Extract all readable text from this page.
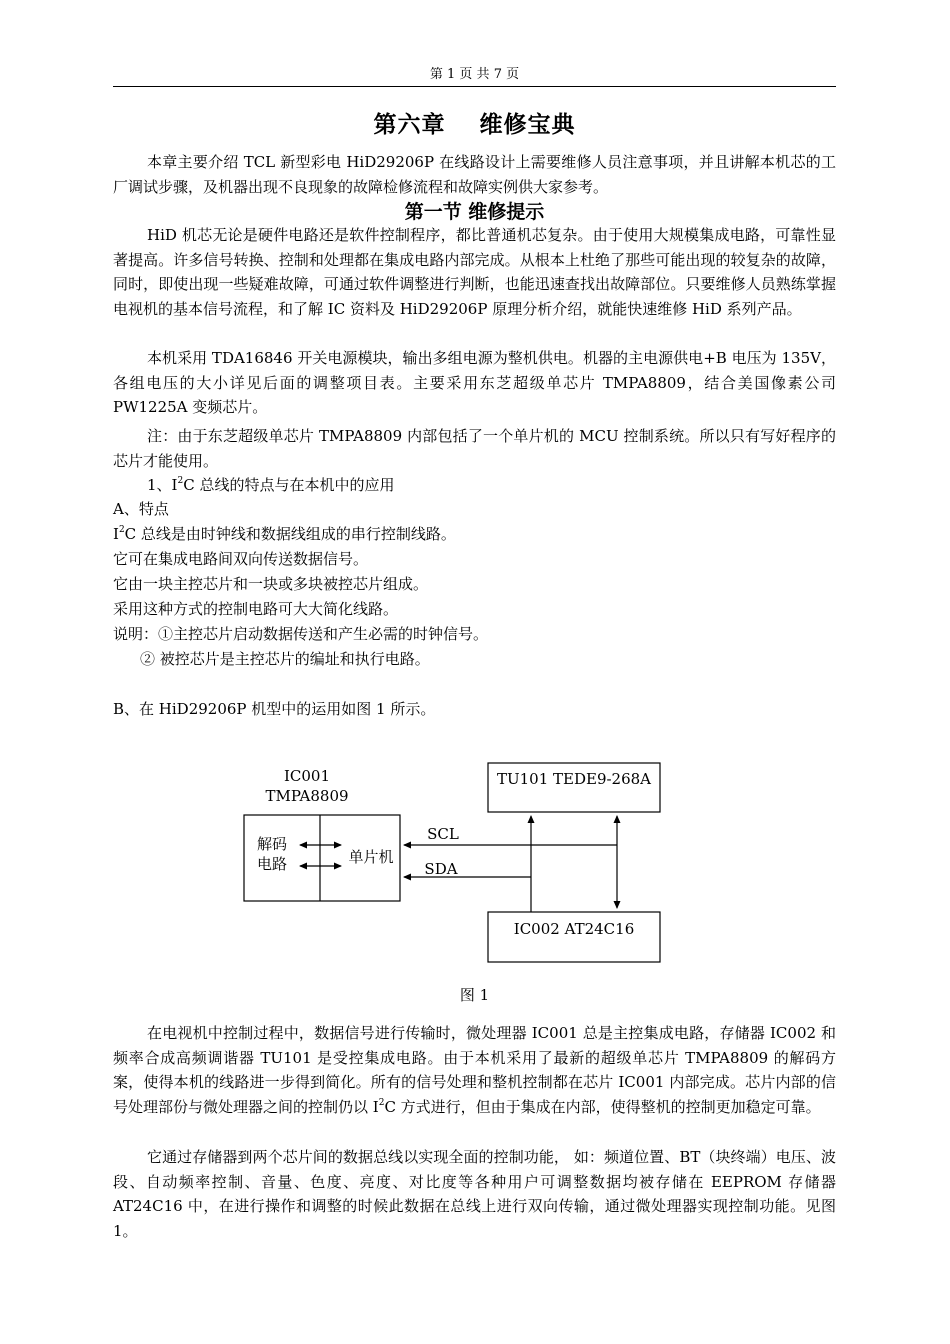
第 1 页 共 7 页
第六章 维修宝典

本章主要介绍 TCL 新型彩电 HiD29206P 在线路设计上需要维修人员注意事项，并且讲解本机芯的工厂调试步骤，及机器出现不良现象的故障检修流程和故障实例供大家参考。

第一节 维修提示

HiD 机芯无论是硬件电路还是软件控制程序，都比普通机芯复杂。由于使用大规模集成电路，可靠性显著提高。许多信号转换、控制和处理都在集成电路内部完成。从根本上杜绝了那些可能出现的较复杂的故障，同时，即使出现一些疑难故障，可通过软件调整进行判断，也能迅速查找出故障部位。只要维修人员熟练掌握电视机的基本信号流程，和了解 IC 资料及 HiD29206P 原理分析介绍，就能快速维修 HiD 系列产品。

本机采用 TDA16846 开关电源模块，输出多组电源为整机供电。机器的主电源供电+B 电压为 135V，各组电压的大小详见后面的调整项目表。主要采用东芝超级单芯片 TMPA8809，结合美国像素公司 PW1225A 变频芯片。

注：由于东芝超级单芯片 TMPA8809 内部包括了一个单片机的 MCU 控制系统。所以只有写好程序的芯片才能使用。

1、$I^2C$ 总线的特点与在本机中的应用

A、特点

$I^2C$ 总线是由时钟线和数据线组成的串行控制线路。

它可在集成电路间双向传送数据信号。

它由一块主控芯片和一块或多块被控芯片组成。

采用这种方式的控制电路可大大简化线路。

说明：①主控芯片启动数据传送和产生必需的时钟信号。

② 被控芯片是主控芯片的编址和执行电路。

B、在 HiD29206P 机型中的运用如图 1 所示。

IC001
TMPA8809
解码
电路	单片机
TU101 TEDE9-268A
IC002 AT24C16
SCL
SDA
图 1

在电视机中控制过程中，数据信号进行传输时，微处理器 IC001 总是主控集成电路，存储器 IC002 和频率合成高频调谐器 TU101 是受控集成电路。由于本机采用了最新的超级单芯片 TMPA8809 的解码方案，使得本机的线路进一步得到简化。所有的信号处理和整机控制都在芯片 IC001 内部完成。芯片内部的信号处理部份与微处理器之间的控制仍以 $I^2C$ 方式进行，但由于集成在内部，使得整机的控制更加稳定可靠。

它通过存储器到两个芯片间的数据总线以实现全面的控制功能， 如：频道位置、BT（块终端）电压、波段、自动频率控制、音量、色度、亮度、对比度等各种用户可调整数据均被存储在 EEPROM 存储器 AT24C16 中，在进行操作和调整的时候此数据在总线上进行双向传输，通过微处理器实现控制功能。见图 1。
